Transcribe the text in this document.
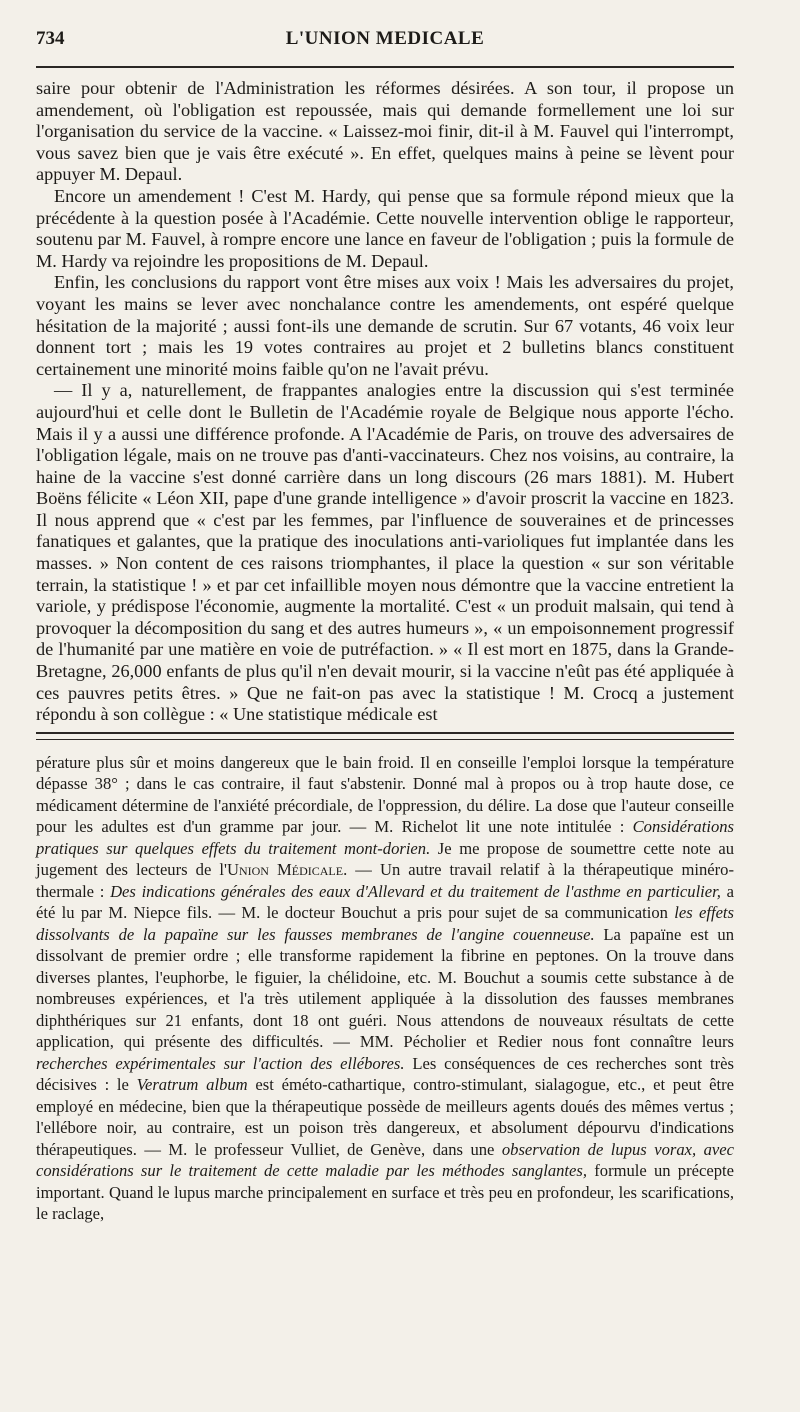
734	L'UNION MEDICALE

saire pour obtenir de l'Administration les réformes désirées. A son tour, il propose un amendement, où l'obligation est repoussée, mais qui demande formellement une loi sur l'organisation du service de la vaccine. « Laissez-moi finir, dit-il à M. Fauvel qui l'interrompt, vous savez bien que je vais être exécuté ». En effet, quelques mains à peine se lèvent pour appuyer M. Depaul.

Encore un amendement ! C'est M. Hardy, qui pense que sa formule répond mieux que la précédente à la question posée à l'Académie. Cette nouvelle intervention oblige le rapporteur, soutenu par M. Fauvel, à rompre encore une lance en faveur de l'obligation ; puis la formule de M. Hardy va rejoindre les propositions de M. Depaul.

Enfin, les conclusions du rapport vont être mises aux voix ! Mais les adversaires du projet, voyant les mains se lever avec nonchalance contre les amendements, ont espéré quelque hésitation de la majorité ; aussi font-ils une demande de scrutin. Sur 67 votants, 46 voix leur donnent tort ; mais les 19 votes contraires au projet et 2 bulletins blancs constituent certainement une minorité moins faible qu'on ne l'avait prévu.

— Il y a, naturellement, de frappantes analogies entre la discussion qui s'est terminée aujourd'hui et celle dont le Bulletin de l'Académie royale de Belgique nous apporte l'écho. Mais il y a aussi une différence profonde. A l'Académie de Paris, on trouve des adversaires de l'obligation légale, mais on ne trouve pas d'anti-vaccinateurs. Chez nos voisins, au contraire, la haine de la vaccine s'est donné carrière dans un long discours (26 mars 1881). M. Hubert Boëns félicite « Léon XII, pape d'une grande intelligence » d'avoir proscrit la vaccine en 1823. Il nous apprend que « c'est par les femmes, par l'influence de souveraines et de princesses fanatiques et galantes, que la pratique des inoculations anti-varioliques fut implantée dans les masses. » Non content de ces raisons triomphantes, il place la question « sur son véritable terrain, la statistique ! » et par cet infaillible moyen nous démontre que la vaccine entretient la variole, y prédispose l'économie, augmente la mortalité. C'est « un produit malsain, qui tend à provoquer la décomposition du sang et des autres humeurs », « un empoisonnement progressif de l'humanité par une matière en voie de putréfaction. » « Il est mort en 1875, dans la Grande-Bretagne, 26,000 enfants de plus qu'il n'en devait mourir, si la vaccine n'eût pas été appliquée à ces pauvres petits êtres. » Que ne fait-on pas avec la statistique ! M. Crocq a justement répondu à son collègue : « Une statistique médicale est

pérature plus sûr et moins dangereux que le bain froid. Il en conseille l'emploi lorsque la température dépasse 38° ; dans le cas contraire, il faut s'abstenir. Donné mal à propos ou à trop haute dose, ce médicament détermine de l'anxiété précordiale, de l'oppression, du délire. La dose que l'auteur conseille pour les adultes est d'un gramme par jour. — M. Richelot lit une note intitulée : Considérations pratiques sur quelques effets du traitement mont-dorien. Je me propose de soumettre cette note au jugement des lecteurs de l'Union Médicale. — Un autre travail relatif à la thérapeutique minéro-thermale : Des indications générales des eaux d'Allevard et du traitement de l'asthme en particulier, a été lu par M. Niepce fils. — M. le docteur Bouchut a pris pour sujet de sa communication les effets dissolvants de la papaïne sur les fausses membranes de l'angine couenneuse. La papaïne est un dissolvant de premier ordre ; elle transforme rapidement la fibrine en peptones. On la trouve dans diverses plantes, l'euphorbe, le figuier, la chélidoine, etc. M. Bouchut a soumis cette substance à de nombreuses expériences, et l'a très utilement appliquée à la dissolution des fausses membranes diphthériques sur 21 enfants, dont 18 ont guéri. Nous attendons de nouveaux résultats de cette application, qui présente des difficultés. — MM. Pécholier et Redier nous font connaître leurs recherches expérimentales sur l'action des ellébores. Les conséquences de ces recherches sont très décisives : le Veratrum album est éméto-cathartique, contro-stimulant, sialagogue, etc., et peut être employé en médecine, bien que la thérapeutique possède de meilleurs agents doués des mêmes vertus ; l'ellébore noir, au contraire, est un poison très dangereux, et absolument dépourvu d'indications thérapeutiques. — M. le professeur Vulliet, de Genève, dans une observation de lupus vorax, avec considérations sur le traitement de cette maladie par les méthodes sanglantes, formule un précepte important. Quand le lupus marche principalement en surface et très peu en profondeur, les scarifications, le raclage,
